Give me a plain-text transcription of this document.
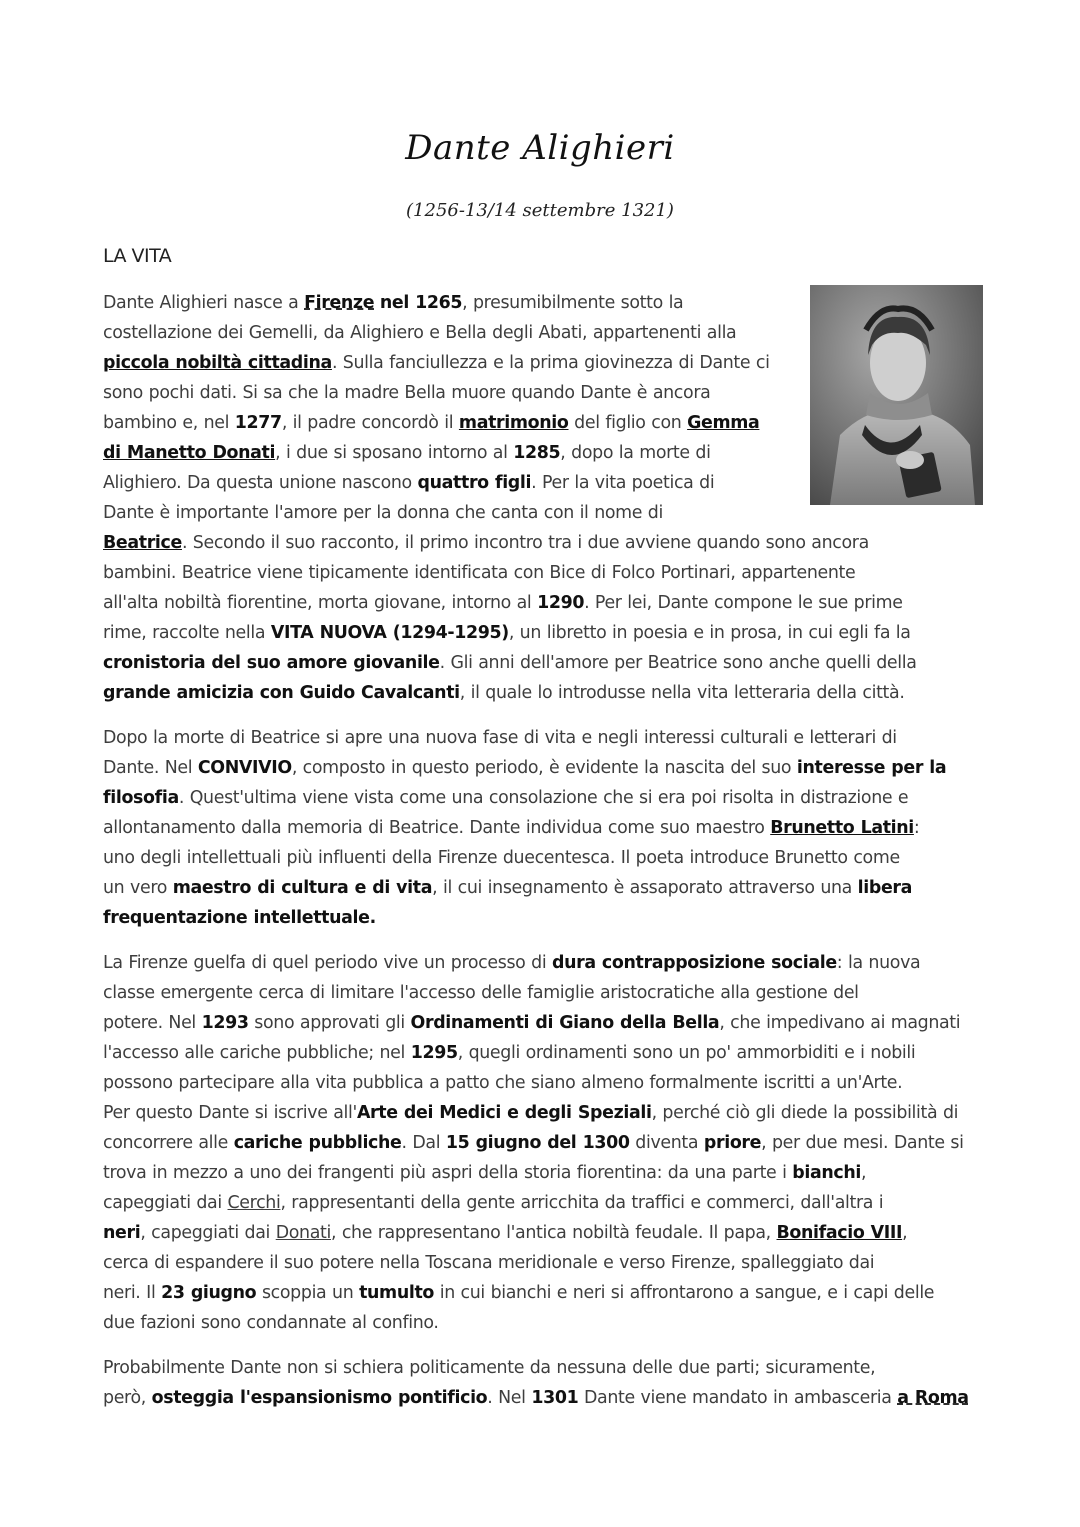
Dante Alighieri
(1256-13/14 settembre 1321)
LA VITA
Dante Alighieri nasce a Firenze nel 1265, presumibilmente sotto la
costellazione dei Gemelli, da Alighiero e Bella degli Abati, appartenenti alla
piccola nobiltà cittadina. Sulla fanciullezza e la prima giovinezza di Dante ci
sono pochi dati. Si sa che la madre Bella muore quando Dante è ancora
bambino e, nel 1277, il padre concordò il matrimonio del figlio con Gemma
di Manetto Donati, i due si sposano intorno al 1285, dopo la morte di
Alighiero. Da questa unione nascono quattro figli. Per la vita poetica di
Dante è importante l'amore per la donna che canta con il nome di
Beatrice. Secondo il suo racconto, il primo incontro tra i due avviene quando sono ancora
bambini. Beatrice viene tipicamente identificata con Bice di Folco Portinari, appartenente
all'alta nobiltà fiorentine, morta giovane, intorno al 1290. Per lei, Dante compone le sue prime
rime, raccolte nella VITA NUOVA (1294-1295), un libretto in poesia e in prosa, in cui egli fa la
cronistoria del suo amore giovanile. Gli anni dell'amore per Beatrice sono anche quelli della
grande amicizia con Guido Cavalcanti, il quale lo introdusse nella vita letteraria della città.
Dopo la morte di Beatrice si apre una nuova fase di vita e negli interessi culturali e letterari di
Dante. Nel CONVIVIO, composto in questo periodo, è evidente la nascita del suo interesse per la
filosofia. Quest'ultima viene vista come una consolazione che si era poi risolta in distrazione e
allontanamento dalla memoria di Beatrice. Dante individua come suo maestro Brunetto Latini:
uno degli intellettuali più influenti della Firenze duecentesca. Il poeta introduce Brunetto come
un vero maestro di cultura e di vita, il cui insegnamento è assaporato attraverso una libera
frequentazione intellettuale.
La Firenze guelfa di quel periodo vive un processo di dura contrapposizione sociale: la nuova
classe emergente cerca di limitare l'accesso delle famiglie aristocratiche alla gestione del
potere. Nel 1293 sono approvati gli Ordinamenti di Giano della Bella, che impedivano ai magnati
l'accesso alle cariche pubbliche; nel 1295, quegli ordinamenti sono un po' ammorbiditi e i nobili
possono partecipare alla vita pubblica a patto che siano almeno formalmente iscritti a un'Arte.
Per questo Dante si iscrive all'Arte dei Medici e degli Speziali, perché ciò gli diede la possibilità di
concorrere alle cariche pubbliche. Dal 15 giugno del 1300 diventa priore, per due mesi. Dante si
trova in mezzo a uno dei frangenti più aspri della storia fiorentina: da una parte i bianchi,
capeggiati dai Cerchi, rappresentanti della gente arricchita da traffici e commerci, dall'altra i
neri, capeggiati dai Donati, che rappresentano l'antica nobiltà feudale. Il papa, Bonifacio VIII,
cerca di espandere il suo potere nella Toscana meridionale e verso Firenze, spalleggiato dai
neri. Il 23 giugno scoppia un tumulto in cui bianchi e neri si affrontarono a sangue, e i capi delle
due fazioni sono condannate al confino.
Probabilmente Dante non si schiera politicamente da nessuna delle due parti; sicuramente,
però, osteggia l'espansionismo pontificio. Nel 1301 Dante viene mandato in ambasceria a Roma
